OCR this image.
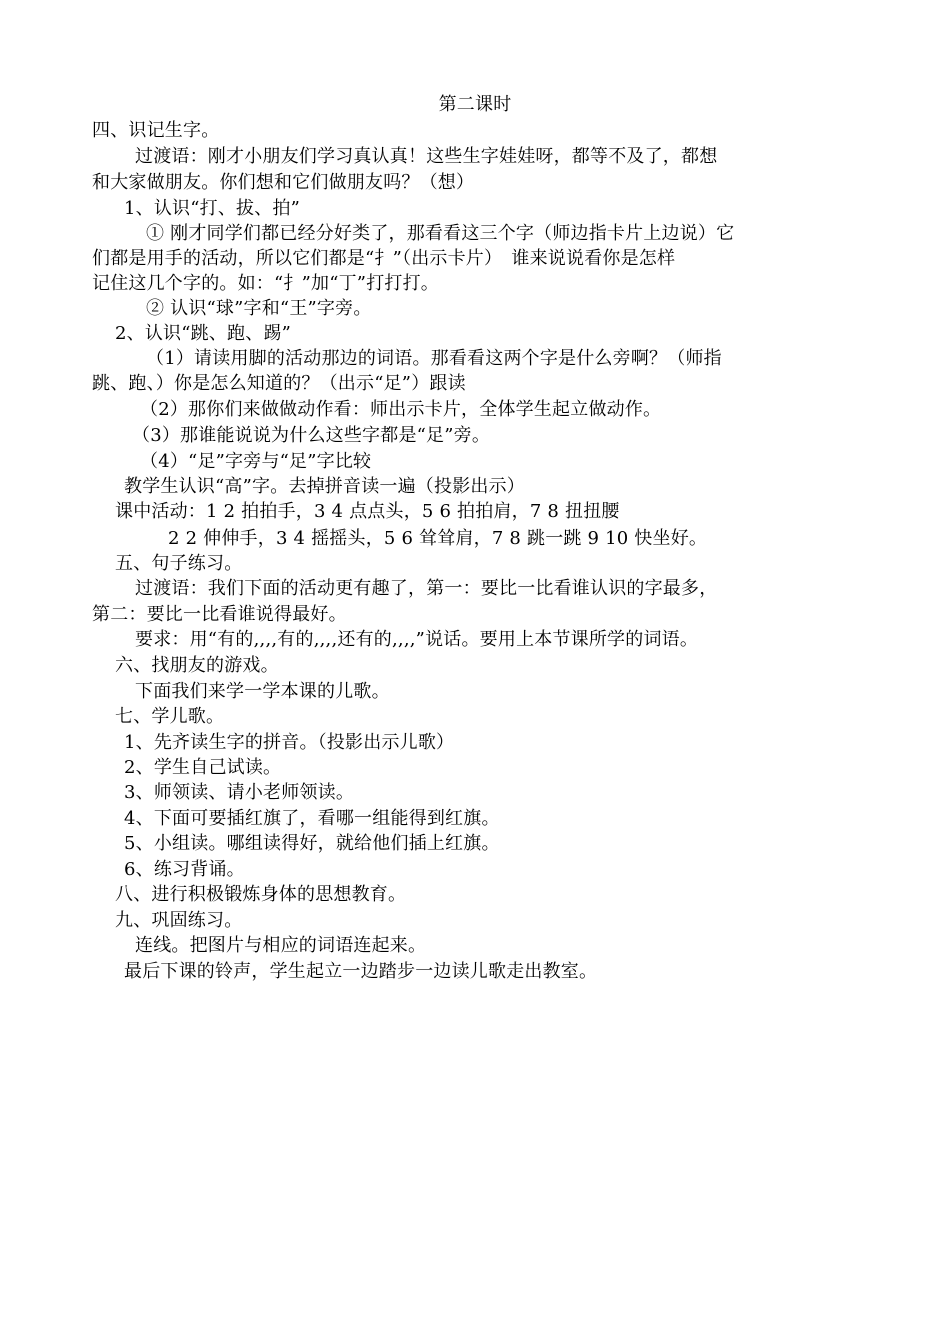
第二课时
四、识记生字。
过渡语：刚才小朋友们学习真认真！这些生字娃娃呀，都等不及了，都想
和大家做朋友。你们想和它们做朋友吗？（想）
1、认识“打、拔、拍”
① 刚才同学们都已经分好类了，那看看这三个字（师边指卡片上边说）它
们都是用手的活动，所以它们都是“扌”（出示卡片）　谁来说说看你是怎样
记住这几个字的。如：“扌”加“丁”打打打。
② 认识“球”字和“王”字旁。
2、认识“跳、跑、踢”
（1）请读用脚的活动那边的词语。那看看这两个字是什么旁啊？（师指
跳、跑、）你是怎么知道的？（出示“足”）跟读
（2）那你们来做做动作看：师出示卡片，全体学生起立做动作。
（3）那谁能说说为什么这些字都是“足”旁。
（4）“足”字旁与“足”字比较
教学生认识“高”字。去掉拼音读一遍（投影出示）
课中活动：1 2 拍拍手，3 4 点点头，5 6 拍拍肩，7 8 扭扭腰
2 2 伸伸手，3 4 摇摇头，5 6 耸耸肩，7 8 跳一跳 9 10 快坐好。
五、句子练习。
过渡语：我们下面的活动更有趣了，第一：要比一比看谁认识的字最多，
第二：要比一比看谁说得最好。
要求：用“有的,,,,有的,,,,还有的,,,,”说话。要用上本节课所学的词语。
六、找朋友的游戏。
下面我们来学一学本课的儿歌。
七、学儿歌。
1、先齐读生字的拼音。（投影出示儿歌）
2、学生自己试读。
3、师领读、请小老师领读。
4、下面可要插红旗了，看哪一组能得到红旗。
5、小组读。哪组读得好，就给他们插上红旗。
6、练习背诵。
八、进行积极锻炼身体的思想教育。
九、巩固练习。
连线。把图片与相应的词语连起来。
最后下课的铃声，学生起立一边踏步一边读儿歌走出教室。
